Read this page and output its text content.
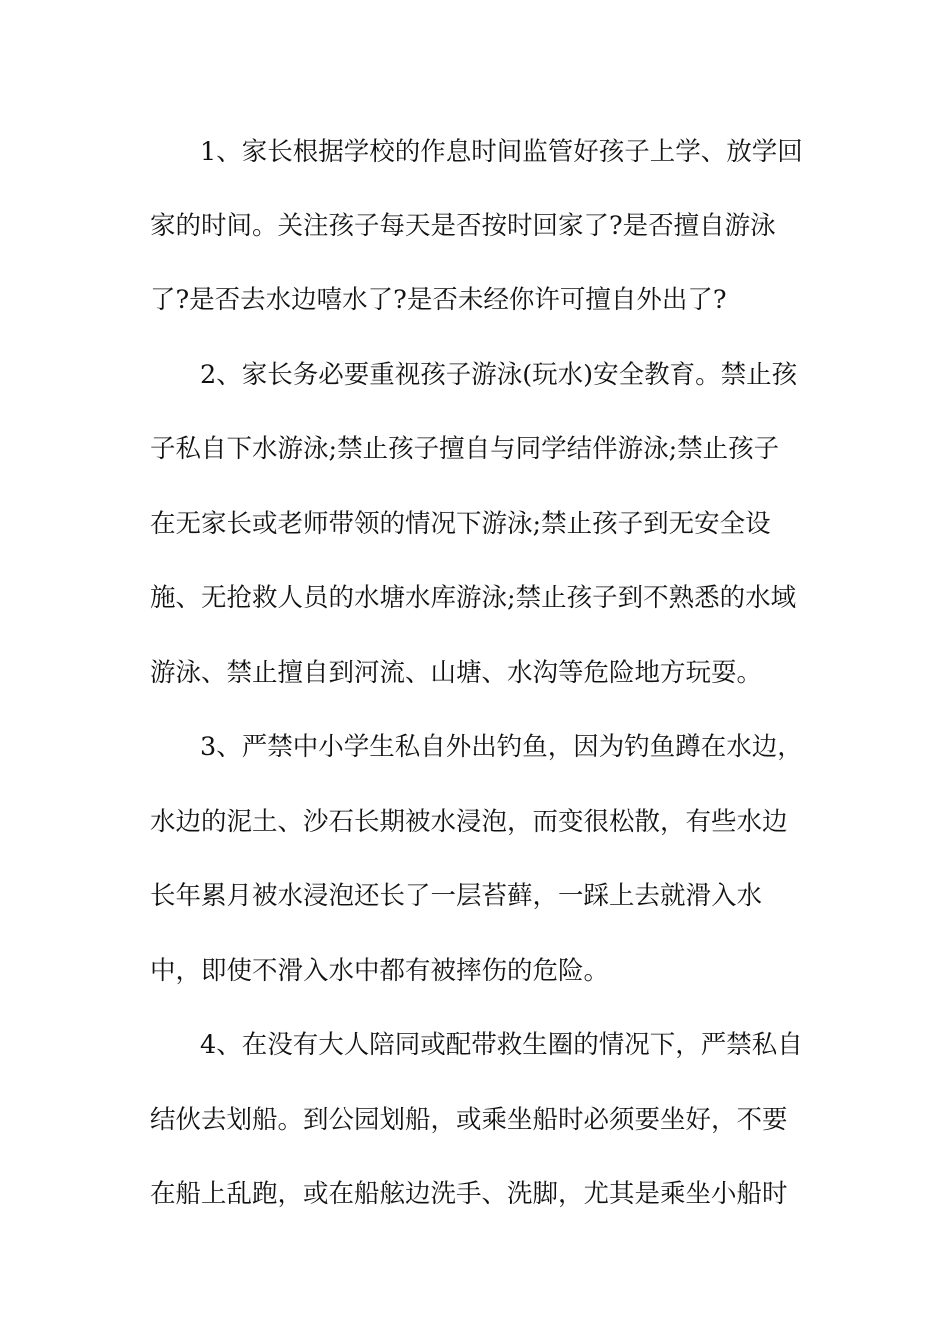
1、家长根据学校的作息时间监管好孩子上学、放学回
家的时间。关注孩子每天是否按时回家了?是否擅自游泳
了?是否去水边嘻水了?是否未经你许可擅自外出了?
2、家长务必要重视孩子游泳(玩水)安全教育。禁止孩
子私自下水游泳;禁止孩子擅自与同学结伴游泳;禁止孩子
在无家长或老师带领的情况下游泳;禁止孩子到无安全设
施、无抢救人员的水塘水库游泳;禁止孩子到不熟悉的水域
游泳、禁止擅自到河流、山塘、水沟等危险地方玩耍。
3、严禁中小学生私自外出钓鱼，因为钓鱼蹲在水边，
水边的泥土、沙石长期被水浸泡，而变很松散，有些水边
长年累月被水浸泡还长了一层苔藓，一踩上去就滑入水
中，即使不滑入水中都有被摔伤的危险。
4、在没有大人陪同或配带救生圈的情况下，严禁私自
结伙去划船。到公园划船，或乘坐船时必须要坐好，不要
在船上乱跑，或在船舷边洗手、洗脚，尤其是乘坐小船时
